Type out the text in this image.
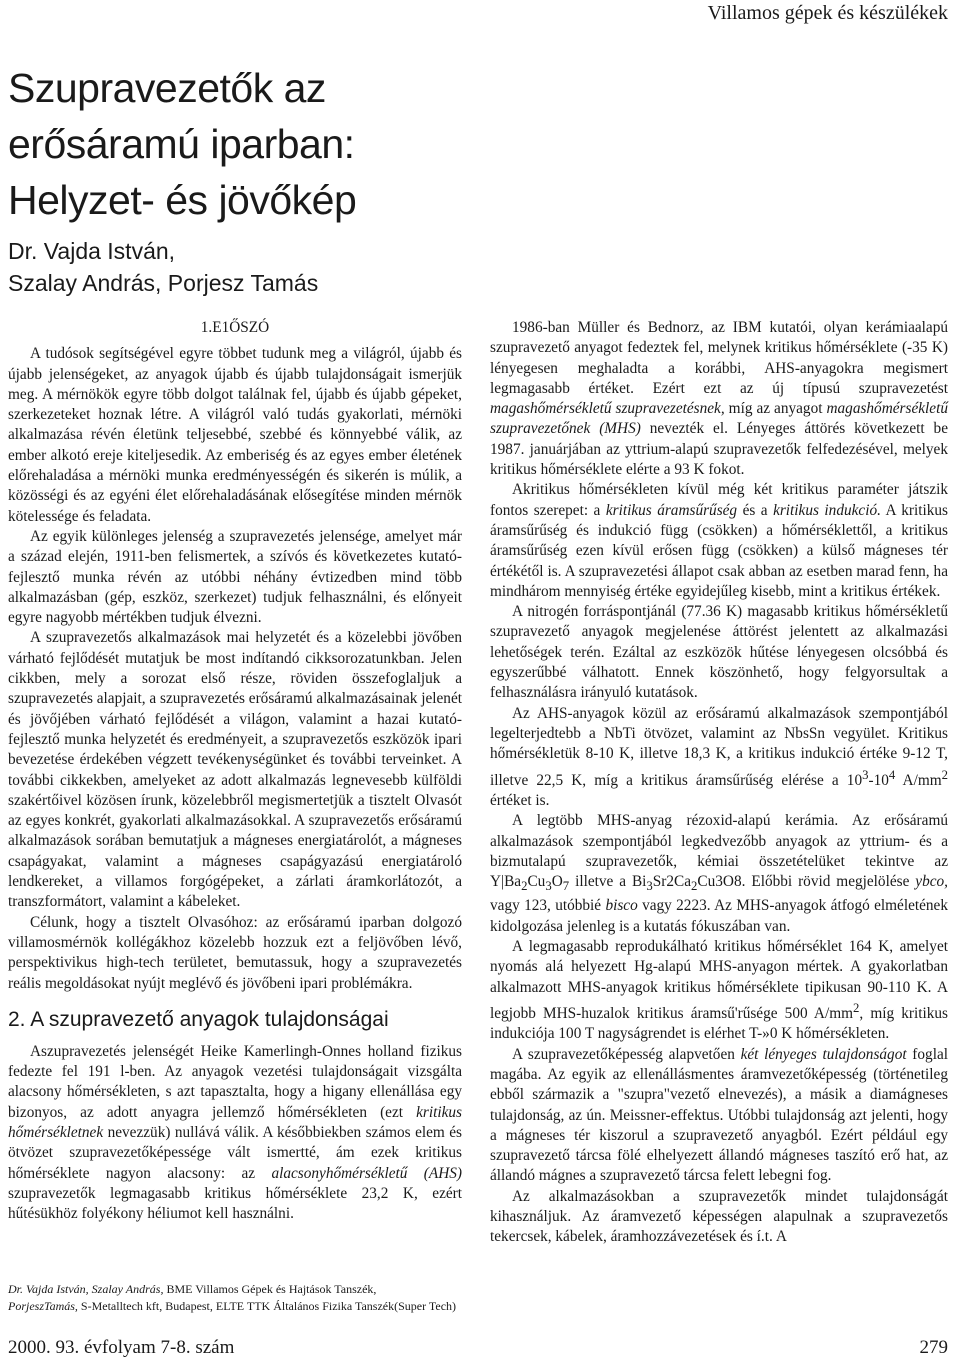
Villamos gépek és készülékek
Szupravezetők az
erősáramú iparban:
Helyzet- és jövőkép
Dr. Vajda István,
Szalay András, Porjesz Tamás
1.E1ŐSZÓ

A tudósok segítségével egyre többet tudunk meg a világról, újabb és újabb jelenségeket, az anyagok újabb és újabb tulajdonságait ismerjük meg. A mérnökök egyre több dolgot találnak fel, újabb és újabb gépeket, szerkezeteket hoznak létre. A világról való tudás gyakorlati, mérnöki alkalmazása révén életünk teljesebbé, szebbé és könnyebbé válik, az ember alkotó ereje kiteljesedik. Az emberiség és az egyes ember életének előrehaladása a mérnöki munka eredményességén és sikerén is múlik, a közösségi és az egyéni élet előrehaladásának elősegítése minden mérnök kötelessége és feladata.

Az egyik különleges jelenség a szupravezetés jelensége, amelyet már a század elején, 1911-ben felismertek, a szívós és következetes kutató-fejlesztő munka révén az utóbbi néhány évtizedben mind több alkalmazásban (gép, eszköz, szerkezet) tudjuk felhasználni, és előnyeit egyre nagyobb mértékben tudjuk élvezni.

A szupravezetős alkalmazások mai helyzetét és a közelebbi jövőben várható fejlődését mutatjuk be most indítandó cikksorozatunkban. Jelen cikkben, mely a sorozat első része, röviden összefoglaljuk a szupravezetés alapjait, a szupravezetés erősáramú alkalmazásainak jelenét és jövőjében várható fejlődését a világon, valamint a hazai kutató-fejlesztő munka helyzetét és eredményeit, a szupravezetős eszközök ipari bevezetése érdekében végzett tevékenységünket és további terveinket. A további cikkekben, amelyeket az adott alkalmazás legnevesebb külföldi szakértőivel közösen írunk, közelebbről megismertetjük a tisztelt Olvasót az egyes konkrét, gyakorlati alkalmazásokkal. A szupravezetős erősáramú alkalmazások sorában bemutatjuk a mágneses energiatárolót, a mágneses csapágyakat, valamint a mágneses csapágyazású energiatároló lendkereket, a villamos forgógépeket, a zárlati áramkorlátozót, a transzformátort, valamint a kábeleket.

Célunk, hogy a tisztelt Olvasóhoz: az erősáramú iparban dolgozó villamosmérnök kollégákhoz közelebb hozzuk ezt a feljövőben lévő, perspektivikus high-tech területet, bemutassuk, hogy a szupravezetés reális megoldásokat nyújt meglévő és jövőbeni ipari problémákra.

2. A szupravezető anyagok tulajdonságai

Aszupravezetés jelenségét Heike Kamerlingh-Onnes holland fizikus fedezte fel 191 l-ben. Az anyagok vezetési tulajdonságait vizsgálta alacsony hőmérsékleten, s azt tapasztalta, hogy a higany ellenállása egy bizonyos, az adott anyagra jellemző hőmérsékleten (ezt kritikus hőmérsékletnek nevezzük) nullává válik. A későbbiekben számos elem és ötvözet szupravezetőképessége vált ismertté, ám ezek kritikus hőmérséklete nagyon alacsony: az alacsonyhőmérsékletű (AHS) szupravezetők legmagasabb kritikus hőmérséklete 23,2 K, ezért hűtésükhöz folyékony héliumot kell használni.

Dr. Vajda István, Szalay András, BME Villamos Gépek és Hajtások Tanszék,
PorjeszTamás, S-Metalltech kft, Budapest, ELTE TTK Általános Fizika Tanszék(Super Tech)

1986-ban Müller és Bednorz, az IBM kutatói, olyan kerámiaalapú szupravezető anyagot fedeztek fel, melynek kritikus hőmérséklete (-35 K) lényegesen meghaladta a korábbi, AHS-anyagokra megismert legmagasabb értéket. Ezért ezt az új típusú szupravezetést magashőmérsékletű szupravezetésnek, míg az anyagot magashőmérsékletű szupravezetőnek (MHS) nevezték el. Lényeges áttörés következett be 1987. januárjában az yttrium-alapú szupravezetők felfedezésével, melyek kritikus hőmérséklete elérte a 93 K fokot.

Akritikus hőmérsékleten kívül még két kritikus paraméter játszik fontos szerepet: a kritikus áramsűrűség és a kritikus indukció. A kritikus áramsűrűség és indukció függ (csökken) a hőmérséklettől, a kritikus áramsűrűség ezen kívül erősen függ (csökken) a külső mágneses tér értékétől is. A szupravezetési állapot csak abban az esetben marad fenn, ha mindhárom mennyiség értéke egyidejűleg kisebb, mint a kritikus értékek.

A nitrogén forráspontjánál (77.36 K) magasabb kritikus hőmérsékletű szupravezető anyagok megjelenése áttörést jelentett az alkalmazási lehetőségek terén. Ezáltal az eszközök hűtése lényegesen olcsóbbá és egyszerűbbé válhatott. Ennek köszönhető, hogy felgyorsultak a felhasználásra irányuló kutatások.

Az AHS-anyagok közül az erősáramú alkalmazások szempontjából legelterjedtebb a NbTi ötvözet, valamint az NbsSn vegyület. Kritikus hőmérsékletük 8-10 K, illetve 18,3 K, a kritikus indukció értéke 9-12 T, illetve 22,5 K, míg a kritikus áramsűrűség elérése a $10^3-10^4$ $A/mm^2$ értéket is.

A legtöbb MHS-anyag rézoxid-alapú kerámia. Az erősáramú alkalmazások szempontjából legkedvezőbb anyagok az yttrium- és a bizmutalapú szupravezetők, kémiai összetételüket tekintve az $Y|Ba_2Cu_3O_7$ illetve a $Bi_3Sr2Ca_2Cu3O8$. Előbbi rövid megjelölése ybco, vagy 123, utóbbié bisco vagy 2223. Az MHS-anyagok átfogó elméletének kidolgozása jelenleg is a kutatás fókuszában van.

A legmagasabb reprodukálható kritikus hőmérséklet 164 K, amelyet nyomás alá helyezett Hg-alapú MHS-anyagon mértek. A gyakorlatban alkalmazott MHS-anyagok kritikus hőmérséklete tipikusan 90-110 K. A legjobb MHS-huzalok kritikus áramsű'rűsége 500 $A/mm^2$, míg kritikus indukciója 100 T nagyságrendet is elérhet T-»0 K hőmérsékleten.

A szupravezetőképesség alapvetően két lényeges tulajdonságot foglal magába. Az egyik az ellenállásmentes áramvezetőképesség (történetileg ebből származik a "szupra"vezető elnevezés), a másik a diamágneses tulajdonság, az ún. Meissner-effektus. Utóbbi tulajdonság azt jelenti, hogy a mágneses tér kiszorul a szupravezető anyagból. Ezért például egy szupravezető tárcsa fölé elhelyezett állandó mágneses taszító erő hat, az állandó mágnes a szupravezető tárcsa felett lebegni fog.

Az alkalmazásokban a szupravezetők mindet tulajdonságát kihasználjuk. Az áramvezető képességen alapulnak a szupravezetős tekercsek, kábelek, áramhozzávezetések és í.t. A

2000. 93. évfolyam 7-8. szám	279
